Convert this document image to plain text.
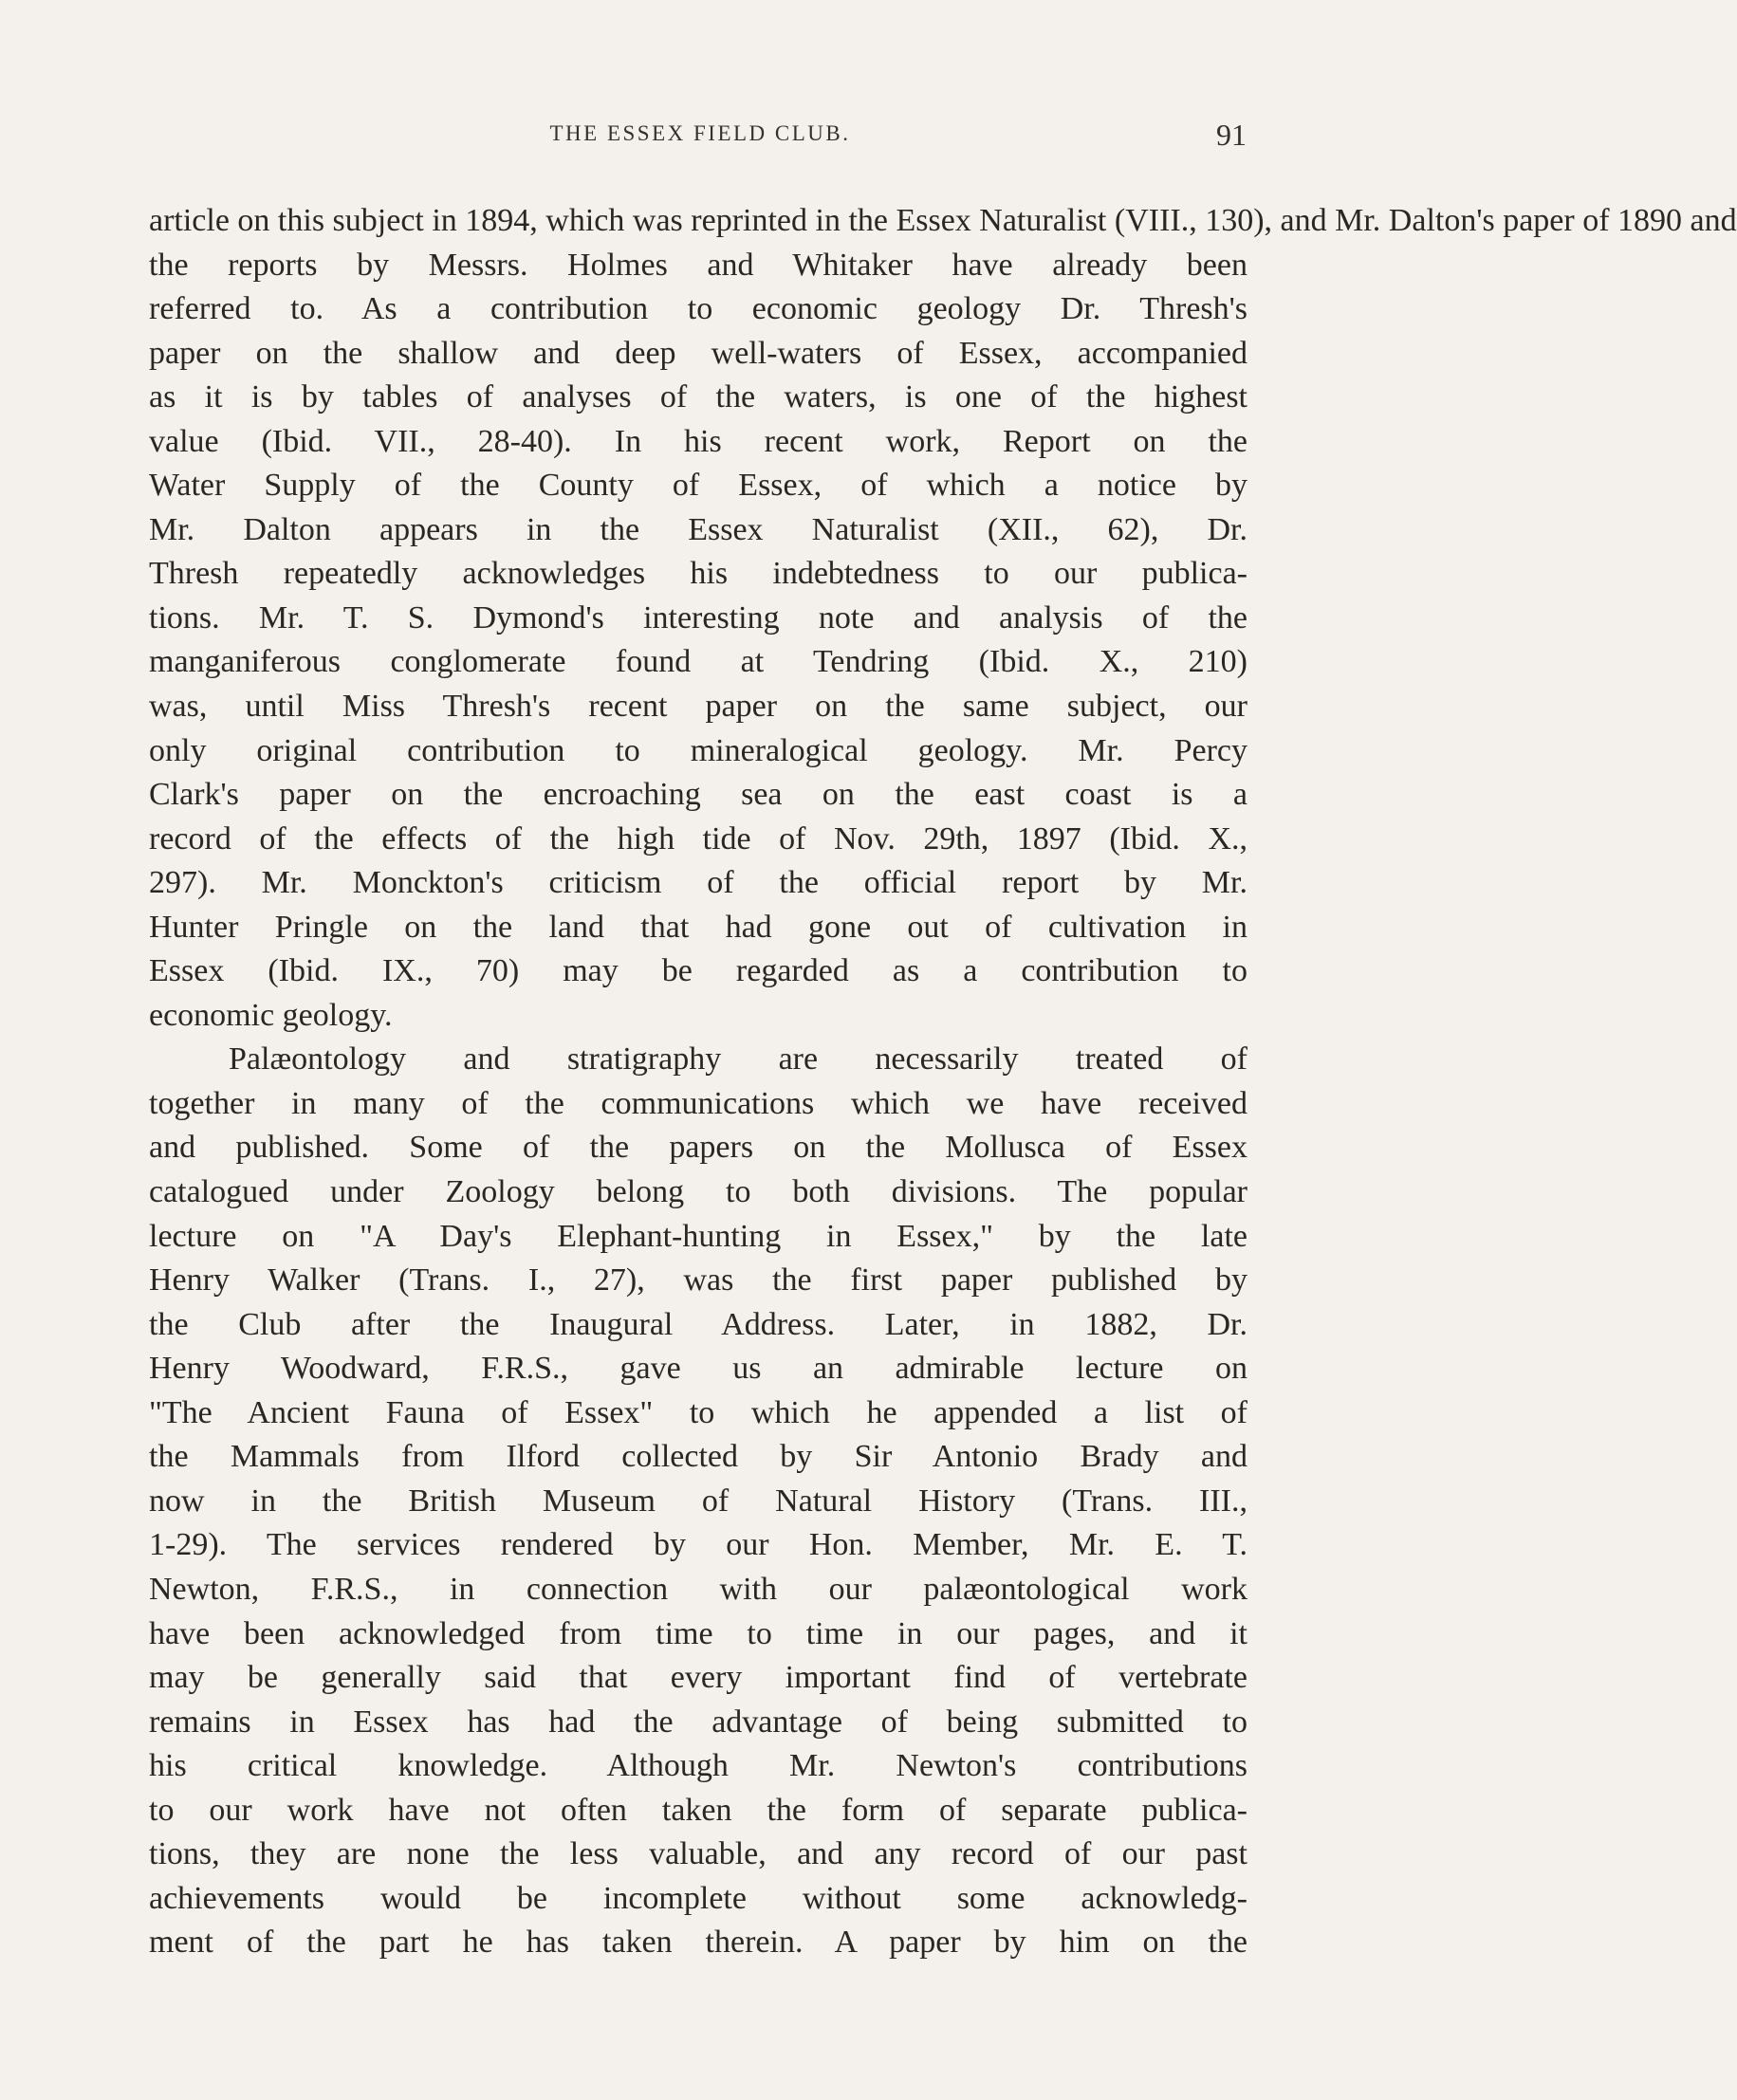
THE ESSEX FIELD CLUB.	91
article on this subject in 1894, which was reprinted in the Essex Naturalist (VIII., 130), and Mr. Dalton's paper of 1890 and
the reports by Messrs. Holmes and Whitaker have already been
referred to. As a contribution to economic geology Dr. Thresh's
paper on the shallow and deep well-waters of Essex, accompanied
as it is by tables of analyses of the waters, is one of the highest
value (Ibid. VII., 28-40). In his recent work, Report on the
Water Supply of the County of Essex, of which a notice by
Mr. Dalton appears in the Essex Naturalist (XII., 62), Dr.
Thresh repeatedly acknowledges his indebtedness to our publica-
tions. Mr. T. S. Dymond's interesting note and analysis of the
manganiferous conglomerate found at Tendring (Ibid. X., 210)
was, until Miss Thresh's recent paper on the same subject, our
only original contribution to mineralogical geology. Mr. Percy
Clark's paper on the encroaching sea on the east coast is a
record of the effects of the high tide of Nov. 29th, 1897 (Ibid. X.,
297). Mr. Monckton's criticism of the official report by Mr.
Hunter Pringle on the land that had gone out of cultivation in
Essex (Ibid. IX., 70) may be regarded as a contribution to
economic geology.
Palæontology and stratigraphy are necessarily treated of
together in many of the communications which we have received
and published. Some of the papers on the Mollusca of Essex
catalogued under Zoology belong to both divisions. The popular
lecture on "A Day's Elephant-hunting in Essex," by the late
Henry Walker (Trans. I., 27), was the first paper published by
the Club after the Inaugural Address. Later, in 1882, Dr.
Henry Woodward, F.R.S., gave us an admirable lecture on
"The Ancient Fauna of Essex" to which he appended a list of
the Mammals from Ilford collected by Sir Antonio Brady and
now in the British Museum of Natural History (Trans. III.,
1-29). The services rendered by our Hon. Member, Mr. E. T.
Newton, F.R.S., in connection with our palæontological work
have been acknowledged from time to time in our pages, and it
may be generally said that every important find of vertebrate
remains in Essex has had the advantage of being submitted to
his critical knowledge. Although Mr. Newton's contributions
to our work have not often taken the form of separate publica-
tions, they are none the less valuable, and any record of our past
achievements would be incomplete without some acknowledg-
ment of the part he has taken therein. A paper by him on the
